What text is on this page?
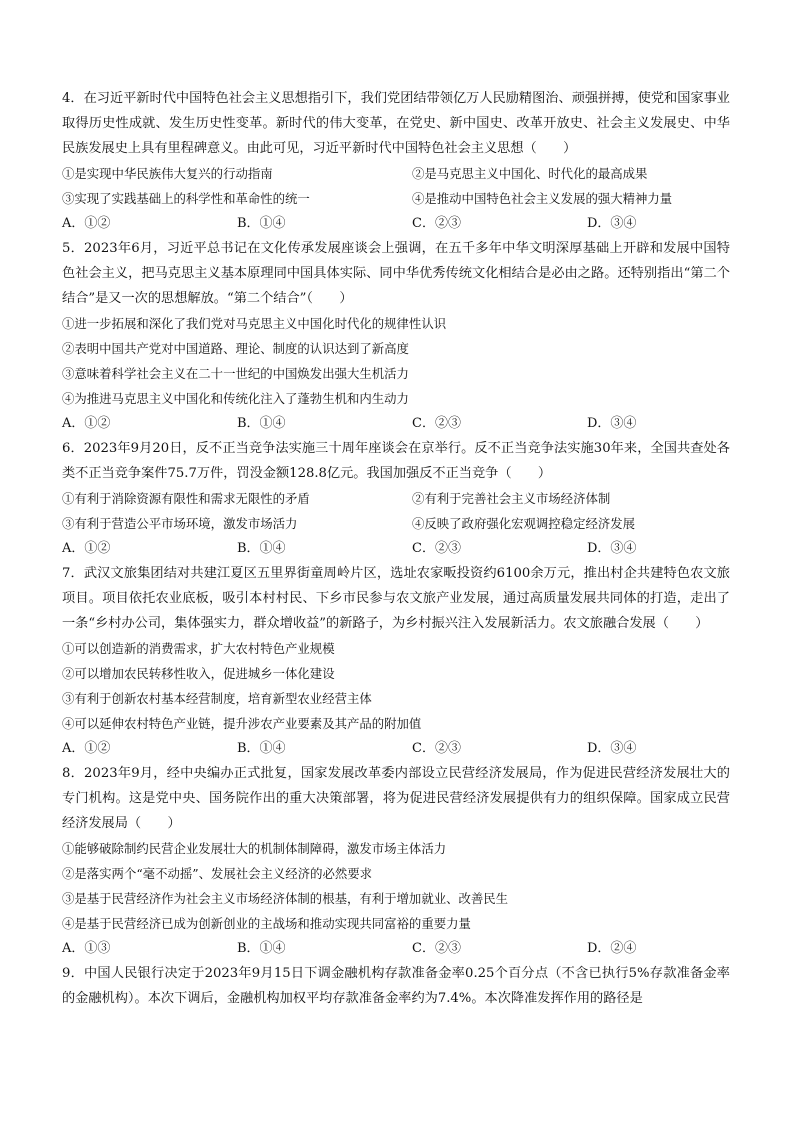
4．在习近平新时代中国特色社会主义思想指引下，我们党团结带领亿万人民励精图治、顽强拼搏，使党和国家事业取得历史性成就、发生历史性变革。新时代的伟大变革，在党史、新中国史、改革开放史、社会主义发展史、中华民族发展史上具有里程碑意义。由此可见，习近平新时代中国特色社会主义思想（　　）

①是实现中华民族伟大复兴的行动指南	②是马克思主义中国化、时代化的最高成果
③实现了实践基础上的科学性和革命性的统一	④是推动中国特色社会主义发展的强大精神力量
A．①②	B．①④	C．②③	D．③④

5．2023年6月，习近平总书记在文化传承发展座谈会上强调，在五千多年中华文明深厚基础上开辟和发展中国特色社会主义，把马克思主义基本原理同中国具体实际、同中华优秀传统文化相结合是必由之路。还特别指出“第二个结合”是又一次的思想解放。“第二个结合”（　　）

①进一步拓展和深化了我们党对马克思主义中国化时代化的规律性认识

②表明中国共产党对中国道路、理论、制度的认识达到了新高度

③意味着科学社会主义在二十一世纪的中国焕发出强大生机活力

④为推进马克思主义中国化和传统化注入了蓬勃生机和内生动力

A．①②	B．①④	C．②③	D．③④

6．2023年9月20日，反不正当竞争法实施三十周年座谈会在京举行。反不正当竞争法实施30年来，全国共查处各类不正当竞争案件75.7万件，罚没金额128.8亿元。我国加强反不正当竞争（　　）

①有利于消除资源有限性和需求无限性的矛盾	②有利于完善社会主义市场经济体制
③有利于营造公平市场环境，激发市场活力	④反映了政府强化宏观调控稳定经济发展
A．①②	B．①④	C．②③	D．③④

7．武汉文旅集团结对共建江夏区五里界街童周岭片区，选址农家畈投资约6100余万元，推出村企共建特色农文旅项目。项目依托农业底板，吸引本村村民、下乡市民参与农文旅产业发展，通过高质量发展共同体的打造，走出了一条“乡村办公司，集体强实力，群众增收益”的新路子，为乡村振兴注入发展新活力。农文旅融合发展（　　）

①可以创造新的消费需求，扩大农村特色产业规模

②可以增加农民转移性收入，促进城乡一体化建设

③有利于创新农村基本经营制度，培育新型农业经营主体

④可以延伸农村特色产业链，提升涉农产业要素及其产品的附加值

A．①②	B．①④	C．②③	D．③④

8．2023年9月，经中央编办正式批复，国家发展改革委内部设立民营经济发展局，作为促进民营经济发展壮大的专门机构。这是党中央、国务院作出的重大决策部署，将为促进民营经济发展提供有力的组织保障。国家成立民营经济发展局（　　）

①能够破除制约民营企业发展壮大的机制体制障碍，激发市场主体活力

②是落实两个“毫不动摇”、发展社会主义经济的必然要求

③是基于民营经济作为社会主义市场经济体制的根基，有利于增加就业、改善民生

④是基于民营经济已成为创新创业的主战场和推动实现共同富裕的重要力量

A．①③	B．①④	C．②③	D．②④

9．中国人民银行决定于2023年9月15日下调金融机构存款准备金率0.25个百分点（不含已执行5%存款准备金率的金融机构）。本次下调后，金融机构加权平均存款准备金率约为7.4%。本次降准发挥作用的路径是
